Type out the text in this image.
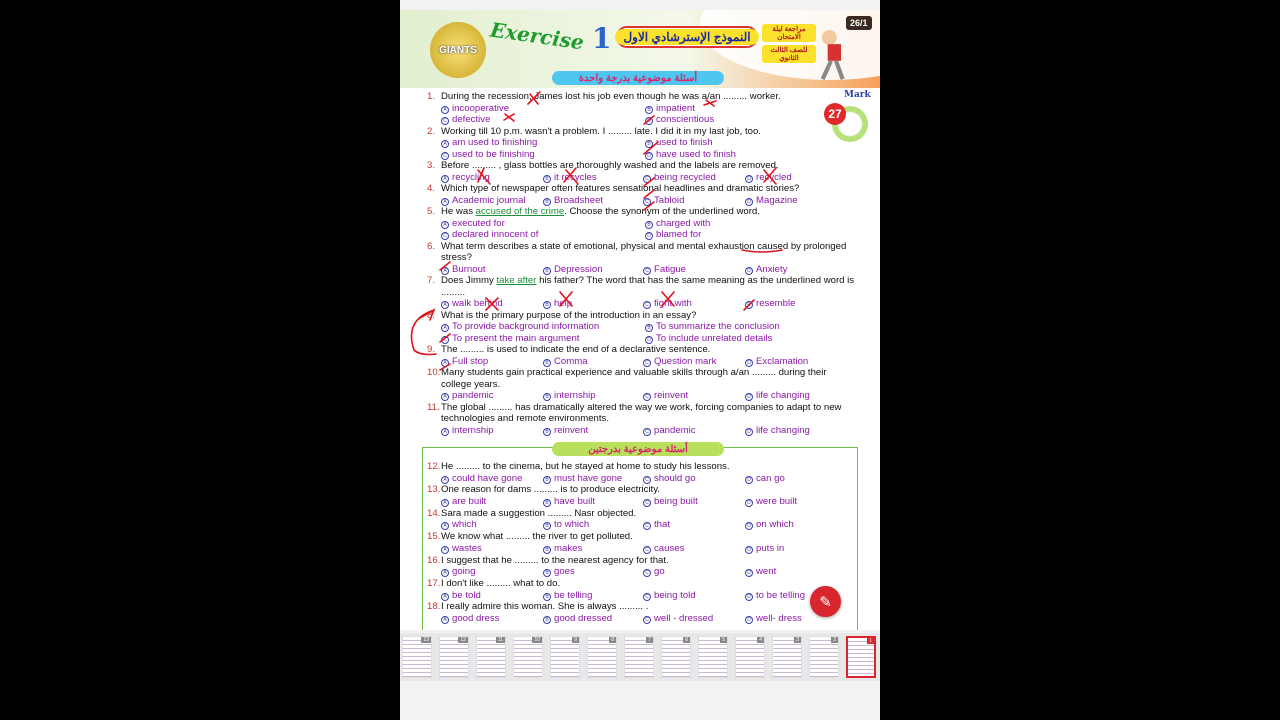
GIANTS Exercise 1 النموذج الإسترشادي الاول
مراجعة ليلة الامتحان
للصف الثالث الثانوي
26/1
أسئلة موضوعية بدرجة واحدة
Mark
27
1. During the recession, James lost his job even though he was a/an ......... worker.
A incooperative	B impatient
C defective	D conscientious
2. Working till 10 p.m. wasn't a problem. I ......... late. I did it in my last job, too.
A am used to finishing	B used to finish
C used to be finishing	D have used to finish
3. Before ......... , glass bottles are thoroughly washed and the labels are removed.
A recycling	B it recycles	C being recycled	D recycled
4. Which type of newspaper often features sensational headlines and dramatic stories?
A Academic journal	B Broadsheet	C Tabloid	D Magazine
5. He was accused of the crime. Choose the synonym of the underlined word.
A executed for	B charged with
C declared innocent of	D blamed for
6. What term describes a state of emotional, physical and mental exhaustion caused by prolonged stress?
A Burnout	B Depression	C Fatigue	D Anxiety
7. Does Jimmy take after his father? The word that has the same meaning as the underlined word is .........
A walk behind	B help	C fight with	D resemble
8. What is the primary purpose of the introduction in an essay?
A To provide background information	B To summarize the conclusion
C To present the main argument	D To include unrelated details
9. The ......... is used to indicate the end of a declarative sentence.
A Full stop	B Comma	C Question mark	D Exclamation
10. Many students gain practical experience and valuable skills through a/an ......... during their college years.
A pandemic	B internship	C reinvent	D life changing
11. The global ......... has dramatically altered the way we work, forcing companies to adapt to new technologies and remote environments.
A internship	B reinvent	C pandemic	D life changing
أسئلة موضوعية بدرجتين
12. He ......... to the cinema, but he stayed at home to study his lessons.
A could have gone	B must have gone	C should go	D can go
13. One reason for dams ......... is to produce electricity.
A are built	B have built	C being built	D were built
14. Sara made a suggestion ......... Nasr objected.
A which	B to which	C that	D on which
15. We know what ......... the river to get polluted.
A wastes	B makes	C causes	D puts in
16. I suggest that he ......... to the nearest agency for that.
A going	B goes	C go	D went
17. I don't like ......... what to do.
A be told	B be telling	C being told	D to be telling
18. I really admire this woman. She is always ......... .
A good dress	B good dressed	C well - dressed	D well- dress
✎
13	12	11	10	9	8	7	6	5	4	3	2	1
